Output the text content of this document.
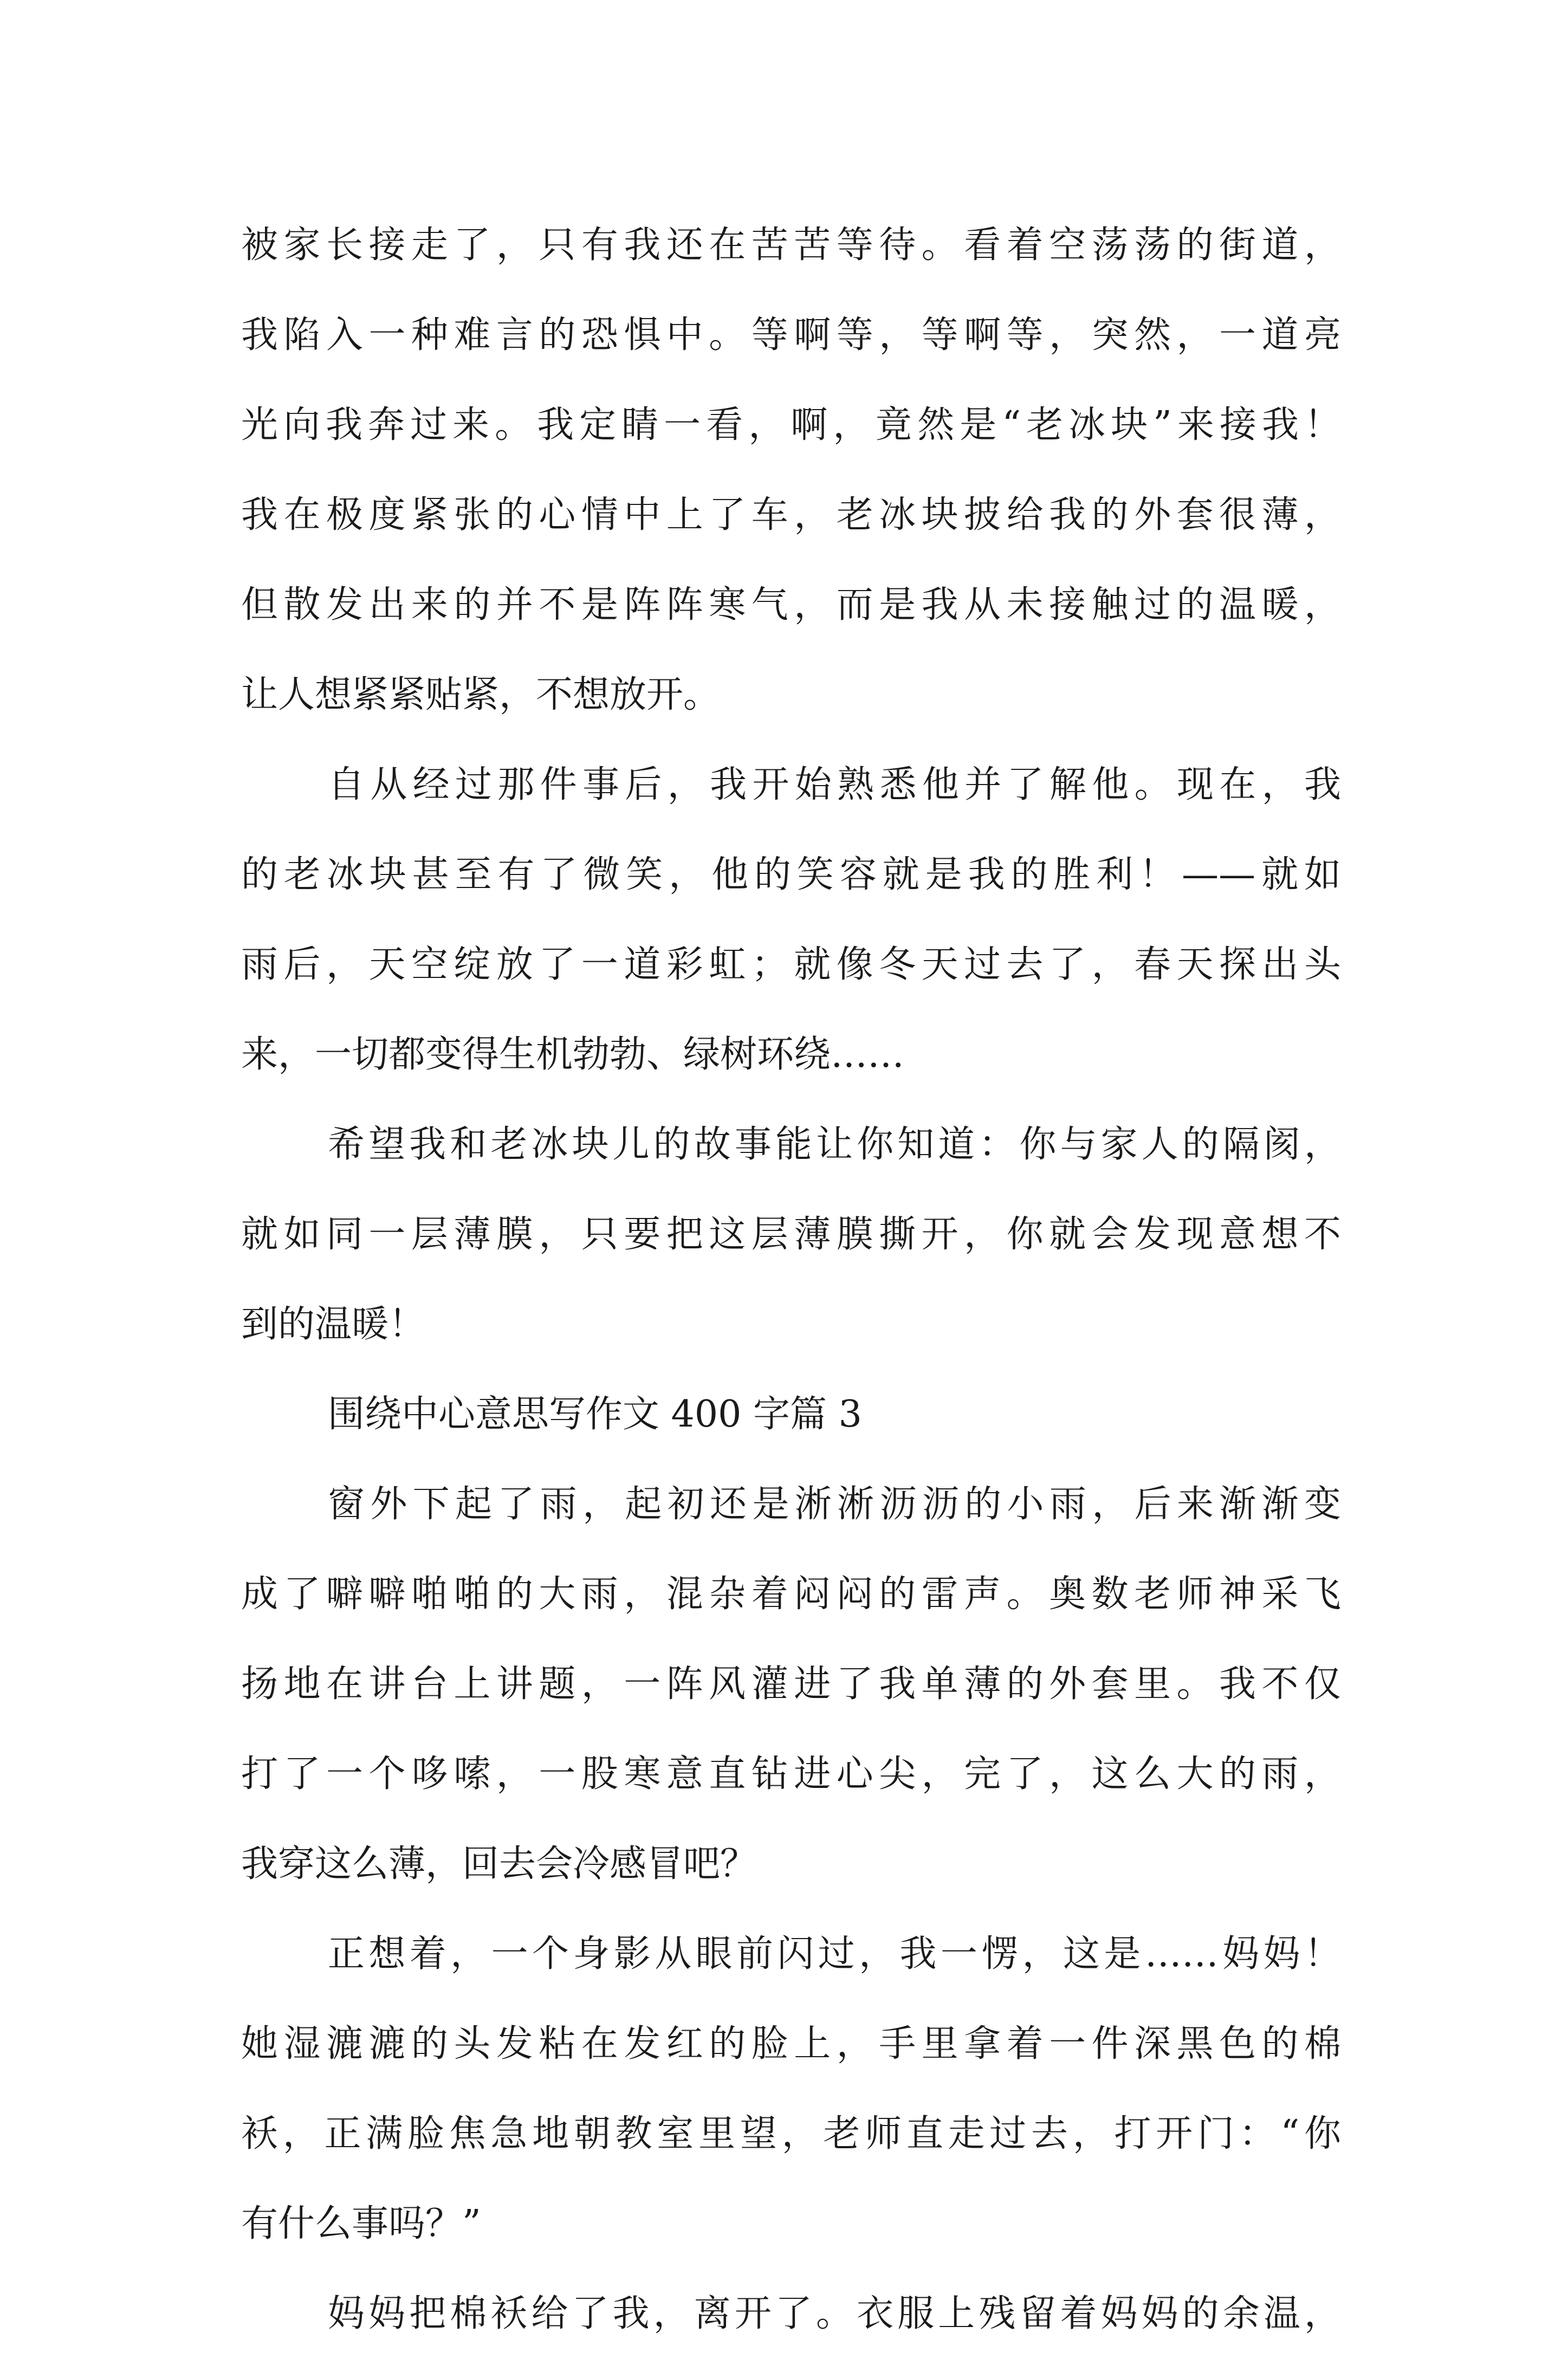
被家长接走了，只有我还在苦苦等待。看着空荡荡的街道，
我陷入一种难言的恐惧中。等啊等，等啊等，突然，一道亮
光向我奔过来。我定睛一看，啊，竟然是“老冰块”来接我！
我在极度紧张的心情中上了车，老冰块披给我的外套很薄，
但散发出来的并不是阵阵寒气，而是我从未接触过的温暖，
让人想紧紧贴紧，不想放开。
自从经过那件事后，我开始熟悉他并了解他。现在，我
的老冰块甚至有了微笑，他的笑容就是我的胜利！——就如
雨后，天空绽放了一道彩虹；就像冬天过去了，春天探出头
来，一切都变得生机勃勃、绿树环绕……
希望我和老冰块儿的故事能让你知道：你与家人的隔阂，
就如同一层薄膜，只要把这层薄膜撕开，你就会发现意想不
到的温暖！
围绕中心意思写作文 400 字篇 3
窗外下起了雨，起初还是淅淅沥沥的小雨，后来渐渐变
成了噼噼啪啪的大雨，混杂着闷闷的雷声。奥数老师神采飞
扬地在讲台上讲题，一阵风灌进了我单薄的外套里。我不仅
打了一个哆嗦，一股寒意直钻进心尖，完了，这么大的雨，
我穿这么薄，回去会冷感冒吧？
正想着，一个身影从眼前闪过，我一愣，这是……妈妈！
她湿漉漉的头发粘在发红的脸上，手里拿着一件深黑色的棉
袄，正满脸焦急地朝教室里望，老师直走过去，打开门：“你
有什么事吗？”
妈妈把棉袄给了我，离开了。衣服上残留着妈妈的余温，
